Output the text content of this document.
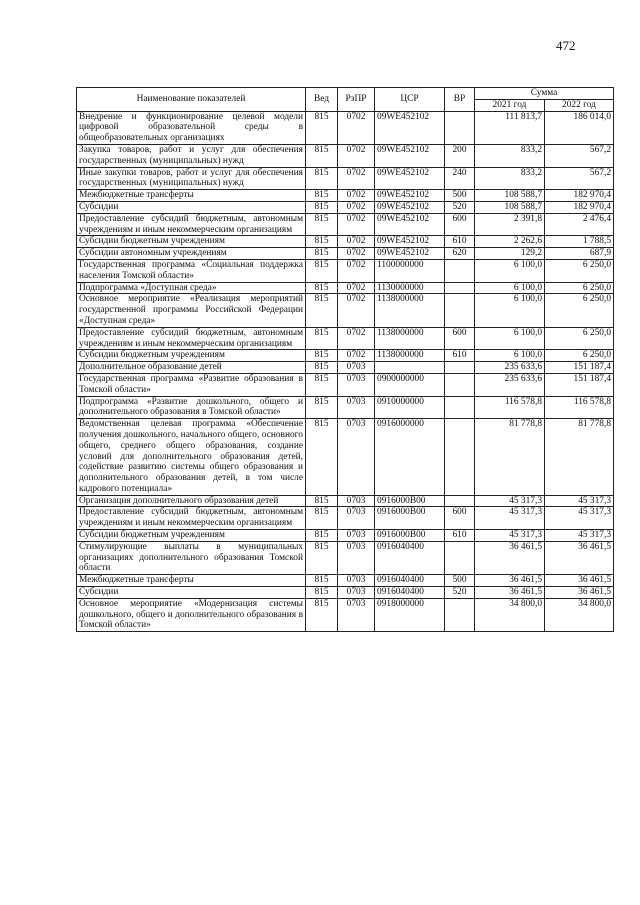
472
Наименование показателей	Вед	РзПР	ЦСР	ВР	Сумма	
					2021 год	2022 год
Внедрение и функционирование целевой модели цифровой образовательной среды в общеобразовательных организациях	815	0702	09WE452102		111 813,7	186 014,0
Закупка товаров, работ и услуг для обеспечения государственных (муниципальных) нужд	815	0702	09WE452102	200	833,2	567,2
Иные закупки товаров, работ и услуг для обеспечения государственных (муниципальных) нужд	815	0702	09WE452102	240	833,2	567,2
Межбюджетные трансферты	815	0702	09WE452102	500	108 588,7	182 970,4
Субсидии	815	0702	09WE452102	520	108 588,7	182 970,4
Предоставление субсидий бюджетным, автономным учреждениям и иным некоммерческим организациям	815	0702	09WE452102	600	2 391,8	2 476,4
Субсидии бюджетным учреждениям	815	0702	09WE452102	610	2 262,6	1 788,5
Субсидии автономным учреждениям	815	0702	09WE452102	620	129,2	687,9
Государственная программа «Социальная поддержка населения Томской области»	815	0702	1100000000		6 100,0	6 250,0
Подпрограмма «Доступная среда»	815	0702	1130000000		6 100,0	6 250,0
Основное мероприятие «Реализация мероприятий государственной программы Российской Федерации «Доступная среда»	815	0702	1138000000		6 100,0	6 250,0
Предоставление субсидий бюджетным, автономным учреждениям и иным некоммерческим организациям	815	0702	1138000000	600	6 100,0	6 250,0
Субсидии бюджетным учреждениям	815	0702	1138000000	610	6 100,0	6 250,0
Дополнительное образование детей	815	0703			235 633,6	151 187,4
Государственная программа «Развитие образования в Томской области»	815	0703	0900000000		235 633,6	151 187,4
Подпрограмма «Развитие дошкольного, общего и дополнительного образования в Томской области»	815	0703	0910000000		116 578,8	116 578,8
Ведомственная целевая программа «Обеспечение получения дошкольного, начального общего, основного общего, среднего общего образования, создание условий для дополнительного образования детей, содействие развитию системы общего образования и дополнительного образования детей, в том числе кадрового потенциала»	815	0703	0916000000		81 778,8	81 778,8
Организация дополнительного образования детей	815	0703	0916000В00		45 317,3	45 317,3
Предоставление субсидий бюджетным, автономным учреждениям и иным некоммерческим организациям	815	0703	0916000В00	600	45 317,3	45 317,3
Субсидии бюджетным учреждениям	815	0703	0916000В00	610	45 317,3	45 317,3
Стимулирующие выплаты в муниципальных организациях дополнительного образования Томской области	815	0703	0916040400		36 461,5	36 461,5
Межбюджетные трансферты	815	0703	0916040400	500	36 461,5	36 461,5
Субсидии	815	0703	0916040400	520	36 461,5	36 461,5
Основное мероприятие «Модернизация системы дошкольного, общего и дополнительного образования в Томской области»	815	0703	0918000000		34 800,0	34 800,0
